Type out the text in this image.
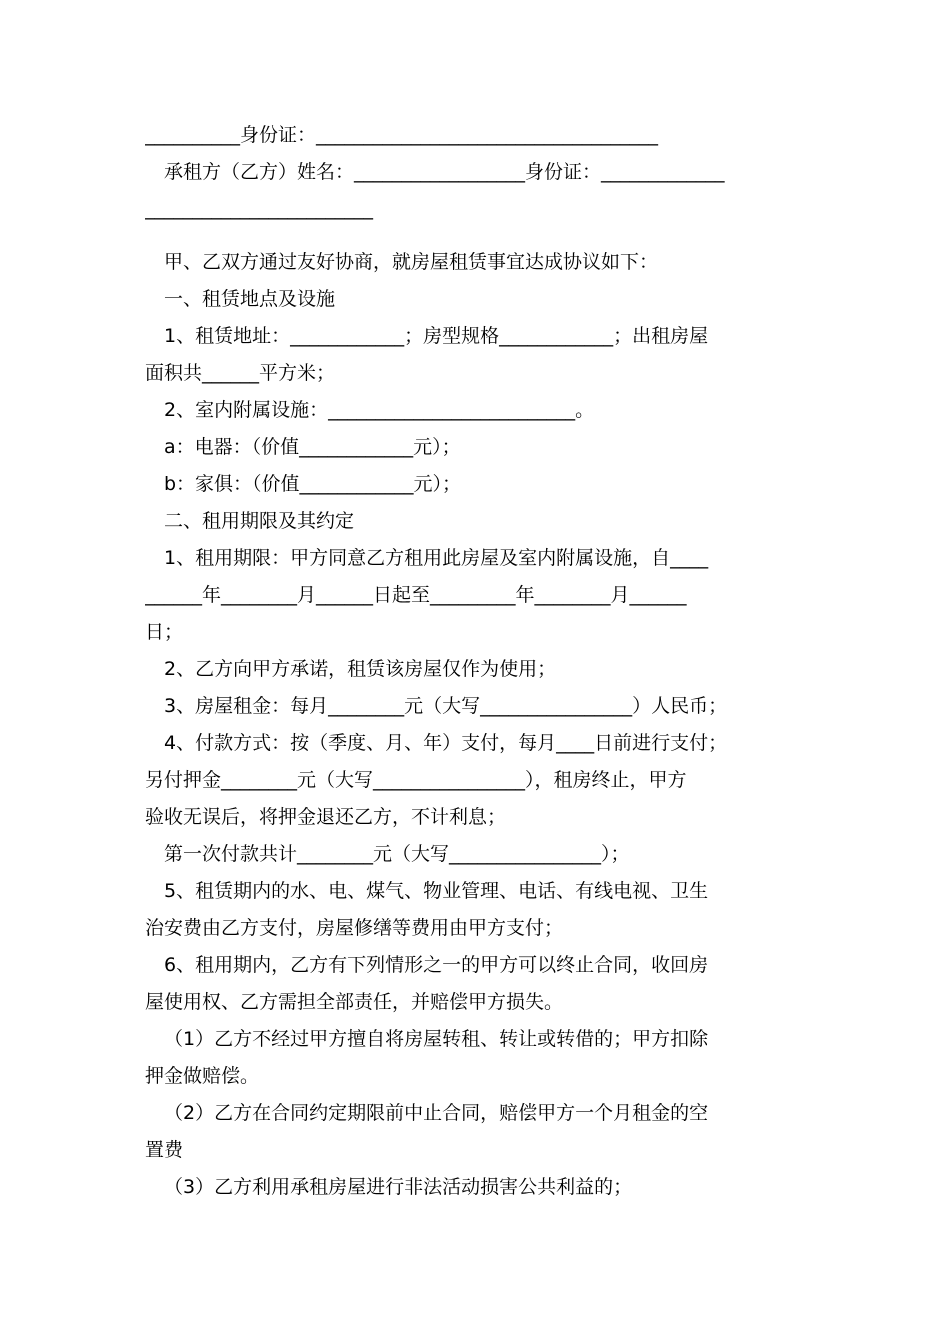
__________身份证：____________________________________
承租方（乙方）姓名：__________________身份证：_____________
________________________
甲、乙双方通过友好协商，就房屋租赁事宜达成协议如下：
一、租赁地点及设施
1、租赁地址：____________；房型规格____________；出租房屋
面积共______平方米；
2、室内附属设施：__________________________。
a：电器：（价值____________元）；
b：家俱：（价值____________元）；
二、租用期限及其约定
1、租用期限：甲方同意乙方租用此房屋及室内附属设施，自____
______年________月______日起至_________年________月______
日；
2、乙方向甲方承诺，租赁该房屋仅作为使用；
3、房屋租金：每月________元（大写________________）人民币；
4、付款方式：按（季度、月、年）支付，每月____日前进行支付；
另付押金________元（大写________________），租房终止，甲方
验收无误后，将押金退还乙方，不计利息；
第一次付款共计________元（大写________________）；
5、租赁期内的水、电、煤气、物业管理、电话、有线电视、卫生
治安费由乙方支付，房屋修缮等费用由甲方支付；
6、租用期内，乙方有下列情形之一的甲方可以终止合同，收回房
屋使用权、乙方需担全部责任，并赔偿甲方损失。
（1）乙方不经过甲方擅自将房屋转租、转让或转借的；甲方扣除
押金做赔偿。
（2）乙方在合同约定期限前中止合同，赔偿甲方一个月租金的空
置费
（3）乙方利用承租房屋进行非法活动损害公共利益的；
